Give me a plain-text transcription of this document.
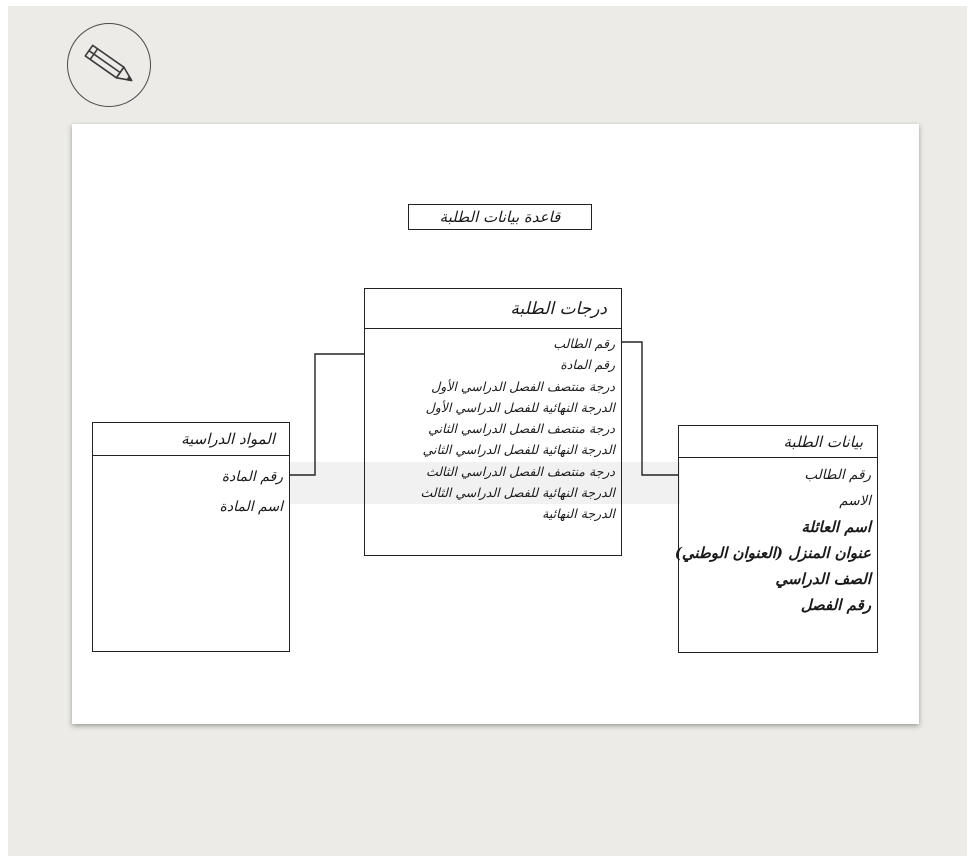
قاعدة بيانات الطلبة
درجات الطلبة
رقم الطالب
رقم المادة
درجة منتصف الفصل الدراسي الأول
الدرجة النهائية للفصل الدراسي الأول
درجة منتصف الفصل الدراسي الثاني
الدرجة النهائية للفصل الدراسي الثاني
درجة منتصف الفصل الدراسي الثالث
الدرجة النهائية للفصل الدراسي الثالث
الدرجة النهائية
المواد الدراسية
رقم المادة
اسم المادة
بيانات الطلبة
رقم الطالب
الاسم
اسم العائلة
عنوان المنزل (العنوان الوطني)
الصف الدراسي
رقم الفصل
